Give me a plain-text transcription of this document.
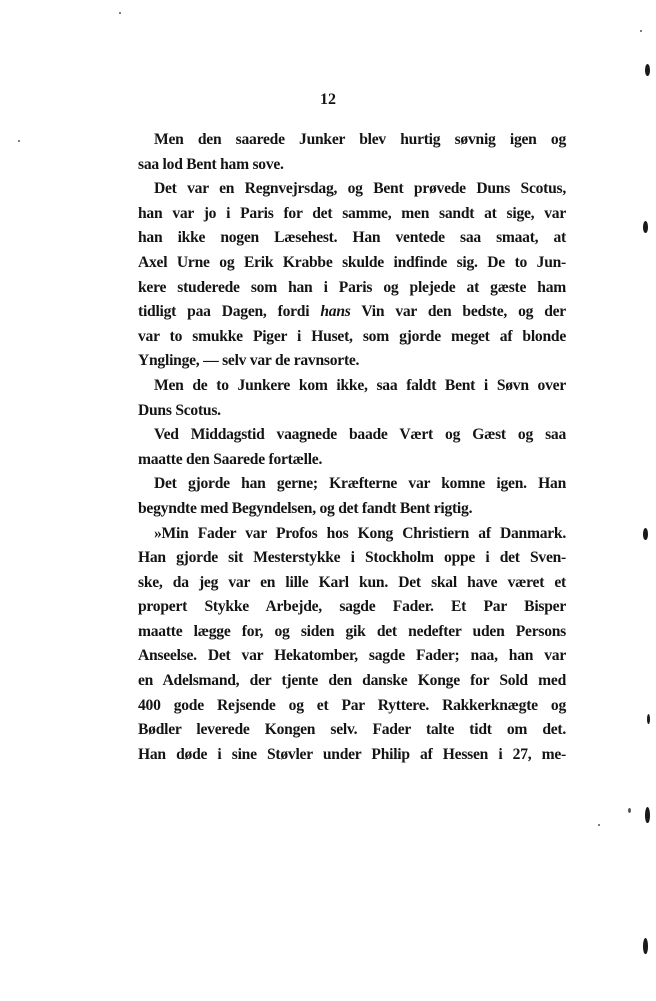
12
Men den saarede Junker blev hurtig søvnig igen og
saa lod Bent ham sove.
Det var en Regnvejrsdag, og Bent prøvede Duns Scotus,
han var jo i Paris for det samme, men sandt at sige, var
han ikke nogen Læsehest. Han ventede saa smaat, at
Axel Urne og Erik Krabbe skulde indfinde sig. De to Jun-
kere studerede som han i Paris og plejede at gæste ham
tidligt paa Dagen, fordi hans Vin var den bedste, og der
var to smukke Piger i Huset, som gjorde meget af blonde
Ynglinge, — selv var de ravnsorte.
Men de to Junkere kom ikke, saa faldt Bent i Søvn over
Duns Scotus.
Ved Middagstid vaagnede baade Vært og Gæst og saa
maatte den Saarede fortælle.
Det gjorde han gerne; Kræfterne var komne igen. Han
begyndte med Begyndelsen, og det fandt Bent rigtig.
»Min Fader var Profos hos Kong Christiern af Danmark.
Han gjorde sit Mesterstykke i Stockholm oppe i det Sven-
ske, da jeg var en lille Karl kun. Det skal have været et
propert Stykke Arbejde, sagde Fader. Et Par Bisper
maatte lægge for, og siden gik det nedefter uden Persons
Anseelse. Det var Hekatomber, sagde Fader; naa, han var
en Adelsmand, der tjente den danske Konge for Sold med
400 gode Rejsende og et Par Ryttere. Rakkerknægte og
Bødler leverede Kongen selv. Fader talte tidt om det.
Han døde i sine Støvler under Philip af Hessen i 27, me-
